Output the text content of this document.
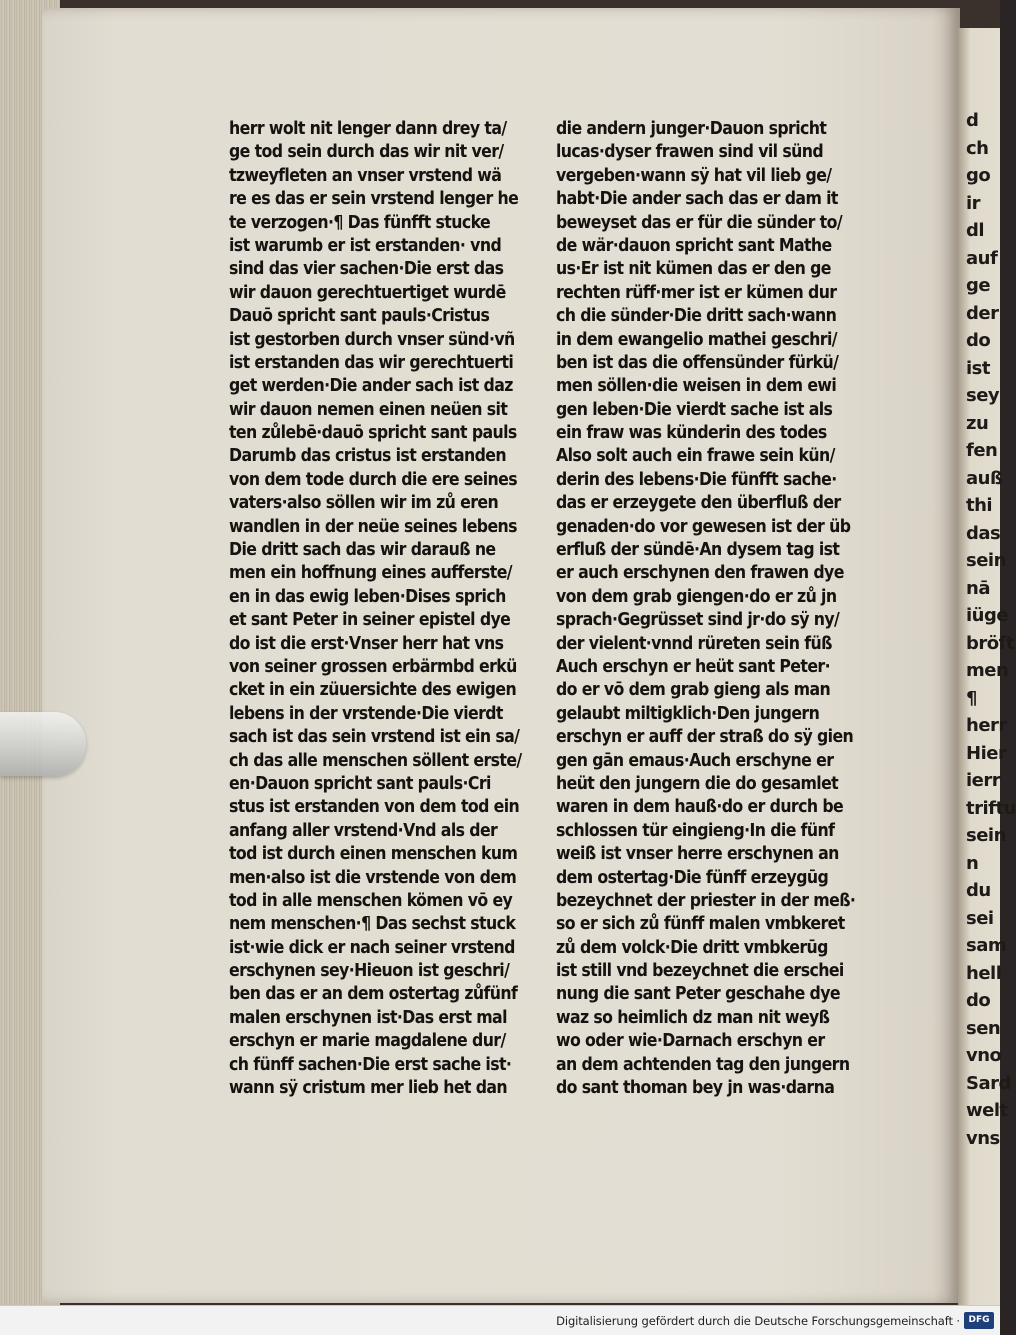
d
ch
go
ir
dl
auf
ge
der
do
ist
sey
zu
fen
auß
thi
das
sein
nā
iüge
bröſt
men
¶
herr
Hier
ierr
triftu
sein
n
du
sei
sam
hell
do
sen
vno
Sard
welt
vns
herr wolt nit lenger dann drey ta/
ge tod sein durch das wir nit ver/
tzweyfleten an vnser vrstend wä
re es das er sein vrstend lenger he
te verzogen·¶ Das fünfft stucke
ist warumb er ist erstanden· vnd
sind das vier sachen·Die erst das
wir dauon gerechtuertiget wurdē
Dauō spricht sant pauls·Cristus
ist gestorben durch vnser sünd·vñ
ist erstanden das wir gerechtuerti
get werden·Die ander sach ist daz
wir dauon nemen einen neüen sit
ten zůlebē·dauō spricht sant pauls
Darumb das cristus ist erstanden
von dem tode durch die ere seines
vaters·also söllen wir im zů eren
wandlen in der neüe seines lebens
Die dritt sach das wir darauß ne
men ein hoffnung eines aufferste/
en in das ewig leben·Dises sprich
et sant Peter in seiner epistel dye
do ist die erst·Vnser herr hat vns
von seiner grossen erbärmbd erkü
cket in ein züuersichte des ewigen
lebens in der vrstende·Die vierdt
sach ist das sein vrstend ist ein sa/
ch das alle menschen söllent erste/
en·Dauon spricht sant pauls·Cri
stus ist erstanden von dem tod ein
anfang aller vrstend·Vnd als der
tod ist durch einen menschen kum
men·also ist die vrstende von dem
tod in alle menschen kömen vō ey
nem menschen·¶ Das sechst stuck
ist·wie dick er nach seiner vrstend
erschynen sey·Hieuon ist geschri/
ben das er an dem ostertag zůfünf
malen erschynen ist·Das erst mal
erschyn er marie magdalene dur/
ch fünff sachen·Die erst sache ist·
wann sÿ cristum mer lieb het dan
die andern junger·Dauon spricht
lucas·dyser frawen sind vil sünd
vergeben·wann sÿ hat vil lieb ge/
habt·Die ander sach das er dam it
beweyset das er für die sünder to/
de wär·dauon spricht sant Mathe
us·Er ist nit kümen das er den ge
rechten rüff·mer ist er kümen dur
ch die sünder·Die dritt sach·wann
in dem ewangelio mathei geschri/
ben ist das die offensünder fürkü/
men söllen·die weisen in dem ewi
gen leben·Die vierdt sache ist als
ein fraw was künderin des todes
Also solt auch ein frawe sein kün/
derin des lebens·Die fünfft sache·
das er erzeygete den überfluß der
genaden·do vor gewesen ist der üb
erfluß der sündē·An dysem tag ist
er auch erschynen den frawen dye
von dem grab giengen·do er zů jn
sprach·Gegrüsset sind jr·do sÿ ny/
der vielent·vnnd rüreten sein füß
Auch erschyn er heüt sant Peter·
do er vō dem grab gieng als man
gelaubt miltigklich·Den jungern
erschyn er auff der straß do sÿ gien
gen gān emaus·Auch erschyne er
heüt den jungern die do gesamlet
waren in dem hauß·do er durch be
schlossen tür eingieng·In die fünf
weiß ist vnser herre erschynen an
dem ostertag·Die fünff erzeygūg
bezeychnet der priester in der meß·
so er sich zů fünff malen vmbkeret
zů dem volck·Die dritt vmbkerūg
ist still vnd bezeychnet die erschei
nung die sant Peter geschahe dye
waz so heimlich dz man nit weyß
wo oder wie·Darnach erschyn er
an dem achtenden tag den jungern
do sant thoman bey jn was·darna
Digitalisierung gefördert durch die Deutsche Forschungsgemeinschaft · DFG
